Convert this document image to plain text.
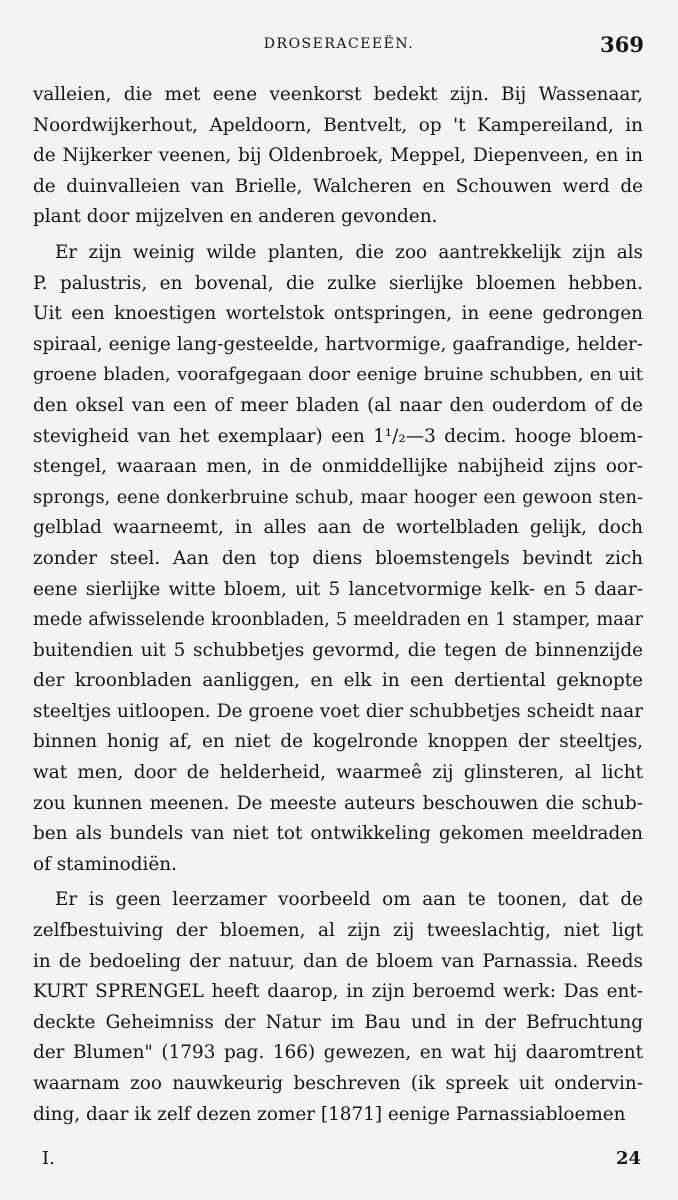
DROSERACEEËN.	369
valleien, die met eene veenkorst bedekt zijn. Bij Wassenaar,
Noordwijkerhout, Apeldoorn, Bentvelt, op 't Kampereiland, in
de Nijkerker veenen, bij Oldenbroek, Meppel, Diepenveen, en in
de duinvalleien van Brielle, Walcheren en Schouwen werd de
plant door mijzelven en anderen gevonden.
Er zijn weinig wilde planten, die zoo aantrekkelijk zijn als
P. palustris, en bovenal, die zulke sierlijke bloemen hebben.
Uit een knoestigen wortelstok ontspringen, in eene gedrongen
spiraal, eenige lang-gesteelde, hartvormige, gaafrandige, helder-
groene bladen, voorafgegaan door eenige bruine schubben, en uit
den oksel van een of meer bladen (al naar den ouderdom of de
stevigheid van het exemplaar) een 1¹/₂—3 decim. hooge bloem-
stengel, waaraan men, in de onmiddellijke nabijheid zijns oor-
sprongs, eene donkerbruine schub, maar hooger een gewoon sten-
gelblad waarneemt, in alles aan de wortelbladen gelijk, doch
zonder steel. Aan den top diens bloemstengels bevindt zich
eene sierlijke witte bloem, uit 5 lancetvormige kelk- en 5 daar-
mede afwisselende kroonbladen, 5 meeldraden en 1 stamper, maar
buitendien uit 5 schubbetjes gevormd, die tegen de binnenzijde
der kroonbladen aanliggen, en elk in een dertiental geknopte
steeltjes uitloopen. De groene voet dier schubbetjes scheidt naar
binnen honig af, en niet de kogelronde knoppen der steeltjes,
wat men, door de helderheid, waarmeê zij glinsteren, al licht
zou kunnen meenen. De meeste auteurs beschouwen die schub-
ben als bundels van niet tot ontwikkeling gekomen meeldraden
of staminodiën.
Er is geen leerzamer voorbeeld om aan te toonen, dat de
zelfbestuiving der bloemen, al zijn zij tweeslachtig, niet ligt
in de bedoeling der natuur, dan de bloem van Parnassia. Reeds
KURT SPRENGEL heeft daarop, in zijn beroemd werk: Das ent-
deckte Geheimniss der Natur im Bau und in der Befruchtung
der Blumen" (1793 pag. 166) gewezen, en wat hij daaromtrent
waarnam zoo nauwkeurig beschreven (ik spreek uit ondervin-
ding, daar ik zelf dezen zomer [1871] eenige Parnassiabloemen
I.	24
